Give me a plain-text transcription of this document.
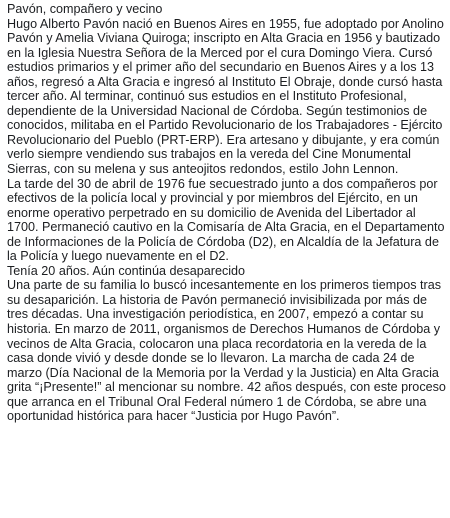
Pavón, compañero y vecino

Hugo Alberto Pavón nació en Buenos Aires en 1955, fue adoptado por Anolino Pavón y Amelia Viviana Quiroga; inscripto en Alta Gracia en 1956 y bautizado en la Iglesia Nuestra Señora de la Merced por el cura Domingo Viera. Cursó estudios primarios y el primer año del secundario en Buenos Aires y a los 13 años, regresó a Alta Gracia e ingresó al Instituto El Obraje, donde cursó hasta tercer año. Al terminar, continuó sus estudios en el Instituto Profesional, dependiente de la Universidad Nacional de Córdoba. Según testimonios de conocidos, militaba en el Partido Revolucionario de los Trabajadores - Ejército Revolucionario del Pueblo (PRT-ERP). Era artesano y dibujante, y era común verlo siempre vendiendo sus trabajos en la vereda del Cine Monumental Sierras, con su melena y sus anteojitos redondos, estilo John Lennon.

La tarde del 30 de abril de 1976 fue secuestrado junto a dos compañeros por efectivos de la policía local y provincial y por miembros del Ejército, en un enorme operativo perpetrado en su domicilio de Avenida del Libertador al 1700. Permaneció cautivo en la Comisaría de Alta Gracia, en el Departamento de Informaciones de la Policía de Córdoba (D2), en Alcaldía de la Jefatura de la Policía y luego nuevamente en el D2.

Tenía 20 años. Aún continúa desaparecido

Una parte de su familia lo buscó incesantemente en los primeros tiempos tras su desaparición. La historia de Pavón permaneció invisibilizada por más de tres décadas. Una investigación periodística, en 2007, empezó a contar su historia. En marzo de 2011, organismos de Derechos Humanos de Córdoba y vecinos de Alta Gracia, colocaron una placa recordatoria en la vereda de la casa donde vivió y desde donde se lo llevaron. La marcha de cada 24 de marzo (Día Nacional de la Memoria por la Verdad y la Justicia) en Alta Gracia grita “¡Presente!” al mencionar su nombre. 42 años después, con este proceso que arranca en el Tribunal Oral Federal número 1 de Córdoba, se abre una oportunidad histórica para hacer “Justicia por Hugo Pavón”.
